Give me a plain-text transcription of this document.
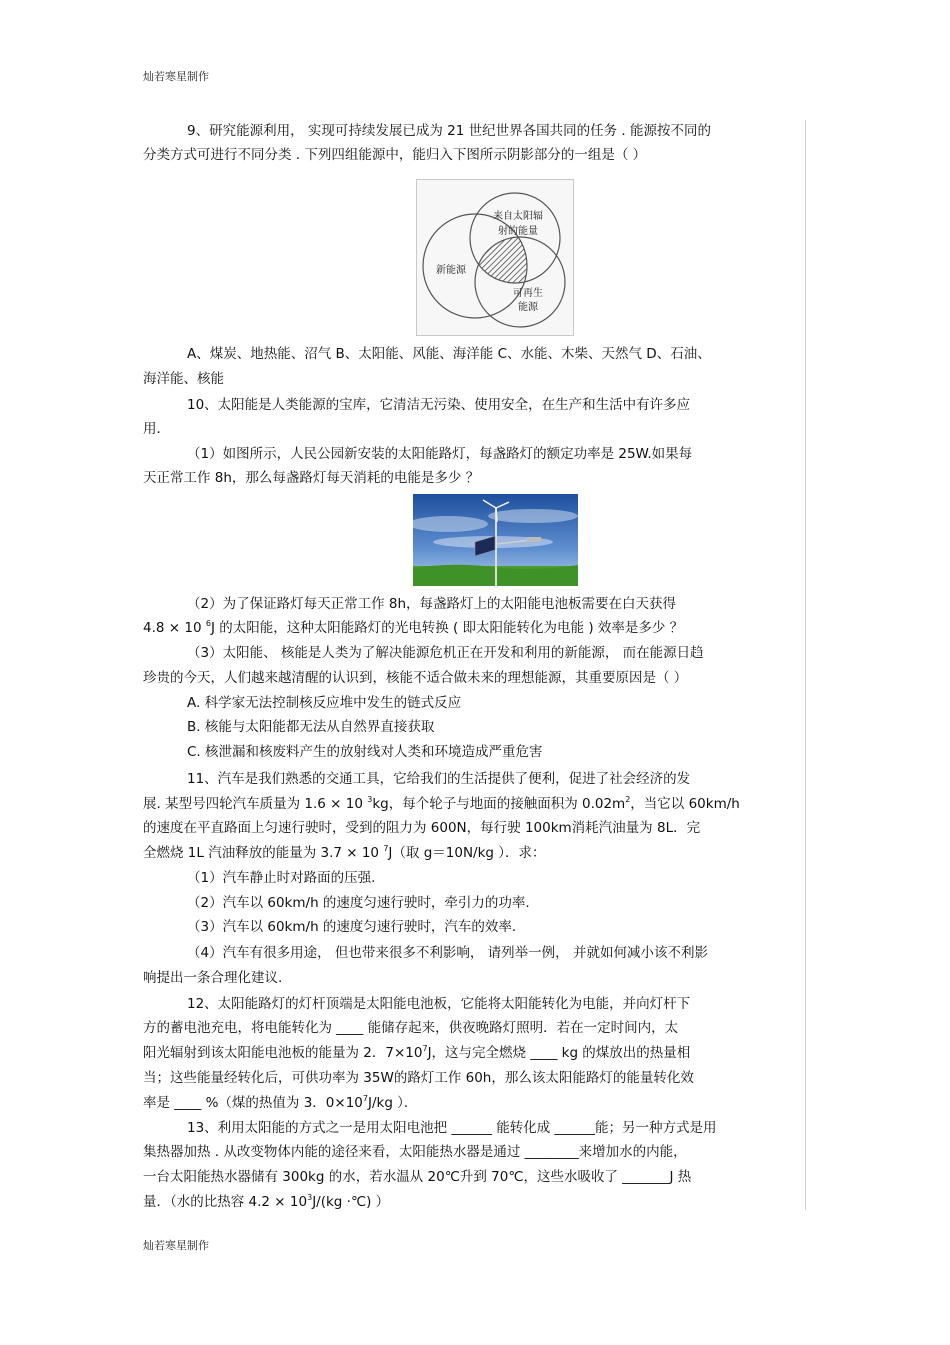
灿若寒星制作
9、研究能源利用， 实现可持续发展已成为 21 世纪世界各国共同的任务 . 能源按不同的
分类方式可进行不同分类 . 下列四组能源中，能归入下图所示阴影部分的一组是（ ）
来自太阳辐
射的能量
新能源
可再生
能源
A、煤炭、地热能、沼气 B、太阳能、风能、海洋能 C、水能、木柴、天然气 D、石油、
海洋能、核能
10、太阳能是人类能源的宝库，它清洁无污染、使用安全，在生产和生活中有许多应
用．
（1）如图所示，人民公园新安装的太阳能路灯，每盏路灯的额定功率是 25W.如果每
天正常工作 8h，那么每盏路灯每天消耗的电能是多少 ？
（2）为了保证路灯每天正常工作 8h，每盏路灯上的太阳能电池板需要在白天获得
4.8 × 10 $^6$J 的太阳能，这种太阳能路灯的光电转换 ( 即太阳能转化为电能 ) 效率是多少 ？
（3）太阳能、 核能是人类为了解决能源危机正在开发和利用的新能源， 而在能源日趋
珍贵的今天，人们越来越清醒的认识到，核能不适合做未来的理想能源，其重要原因是（ ）
A. 科学家无法控制核反应堆中发生的链式反应
B. 核能与太阳能都无法从自然界直接获取
C. 核泄漏和核废料产生的放射线对人类和环境造成严重危害
11、汽车是我们熟悉的交通工具，它给我们的生活提供了便利，促进了社会经济的发
展. 某型号四轮汽车质量为 1.6 × 10 $^3$kg，每个轮子与地面的接触面积为 $0.02m^2$，当它以 60km/h
的速度在平直路面上匀速行驶时，受到的阻力为 600N，每行驶 100km消耗汽油量为 8L．完
全燃烧 1L 汽油释放的能量为 3.7 × 10 $^7$J（取 g＝10N/kg ）．求：
（1）汽车静止时对路面的压强.
（2）汽车以 60km/h 的速度匀速行驶时，牵引力的功率.
（3）汽车以 60km/h 的速度匀速行驶时，汽车的效率.
（4）汽车有很多用途， 但也带来很多不利影响， 请列举一例， 并就如何减小该不利影
响提出一条合理化建议.
12、太阳能路灯的灯杆顶端是太阳能电池板，它能将太阳能转化为电能，并向灯杆下
方的蓄电池充电，将电能转化为 ____ 能储存起来，供夜晚路灯照明．若在一定时间内，太
阳光辐射到该太阳能电池板的能量为 2．$7\times 10^7J$，这与完全燃烧 ____ kg 的煤放出的热量相
当；这些能量经转化后，可供功率为 35W的路灯工作 60h，那么该太阳能路灯的能量转化效
率是 ____ %（煤的热值为 3．$0\times 10^7J/kg$ ）．
13、利用太阳能的方式之一是用太阳电池把 ______ 能转化成 ______能；另一种方式是用
集热器加热 . 从改变物体内能的途径来看，太阳能热水器是通过 ________来增加水的内能，
一台太阳能热水器储有 300kg 的水，若水温从 20℃升到 70℃，这些水吸收了 _______J 热
量．（水的比热容 $4.2 \times 10^3J/(kg$ ·℃) ）
灿若寒星制作
